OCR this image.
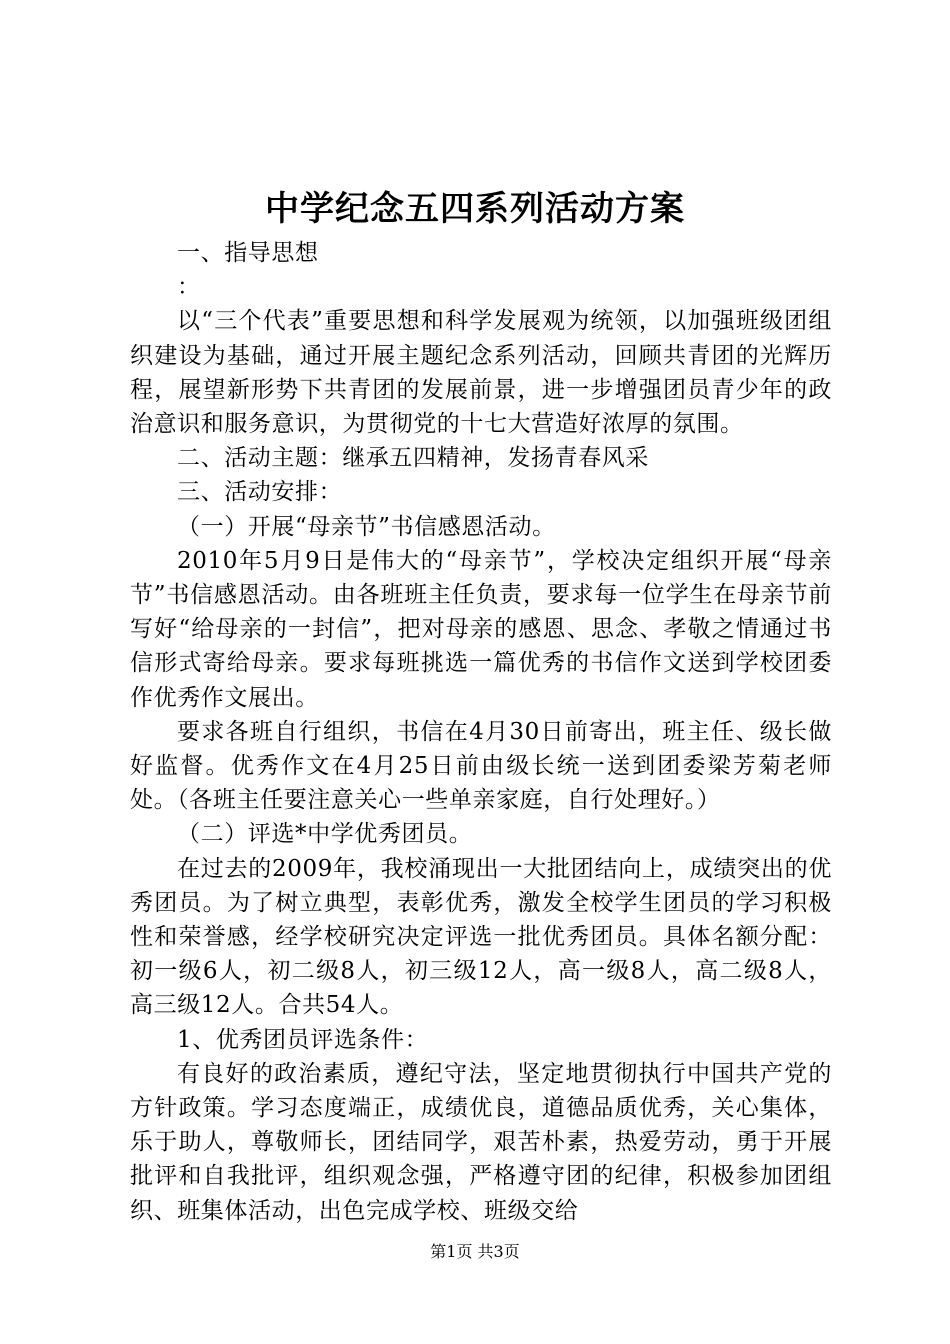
中学纪念五四系列活动方案

一、指导思想

：

以“三个代表”重要思想和科学发展观为统领，以加强班级团组织建设为基础，通过开展主题纪念系列活动，回顾共青团的光辉历程，展望新形势下共青团的发展前景，进一步增强团员青少年的政治意识和服务意识，为贯彻党的十七大营造好浓厚的氛围。

二、活动主题：继承五四精神，发扬青春风采

三、活动安排：

（一）开展“母亲节”书信感恩活动。

2010年5月9日是伟大的“母亲节”，学校决定组织开展“母亲节”书信感恩活动。由各班班主任负责，要求每一位学生在母亲节前写好“给母亲的一封信”，把对母亲的感恩、思念、孝敬之情通过书信形式寄给母亲。要求每班挑选一篇优秀的书信作文送到学校团委作优秀作文展出。

要求各班自行组织，书信在4月30日前寄出，班主任、级长做好监督。优秀作文在4月25日前由级长统一送到团委梁芳菊老师处。（各班主任要注意关心一些单亲家庭，自行处理好。）

（二）评选*中学优秀团员。

在过去的2009年，我校涌现出一大批团结向上，成绩突出的优秀团员。为了树立典型，表彰优秀，激发全校学生团员的学习积极性和荣誉感，经学校研究决定评选一批优秀团员。具体名额分配：初一级6人，初二级8人，初三级12人，高一级8人，高二级8人，高三级12人。合共54人。

1、优秀团员评选条件：

有良好的政治素质，遵纪守法，坚定地贯彻执行中国共产党的方针政策。学习态度端正，成绩优良，道德品质优秀，关心集体，乐于助人，尊敬师长，团结同学，艰苦朴素，热爱劳动，勇于开展批评和自我批评，组织观念强，严格遵守团的纪律，积极参加团组织、班集体活动，出色完成学校、班级交给

第1页 共3页
